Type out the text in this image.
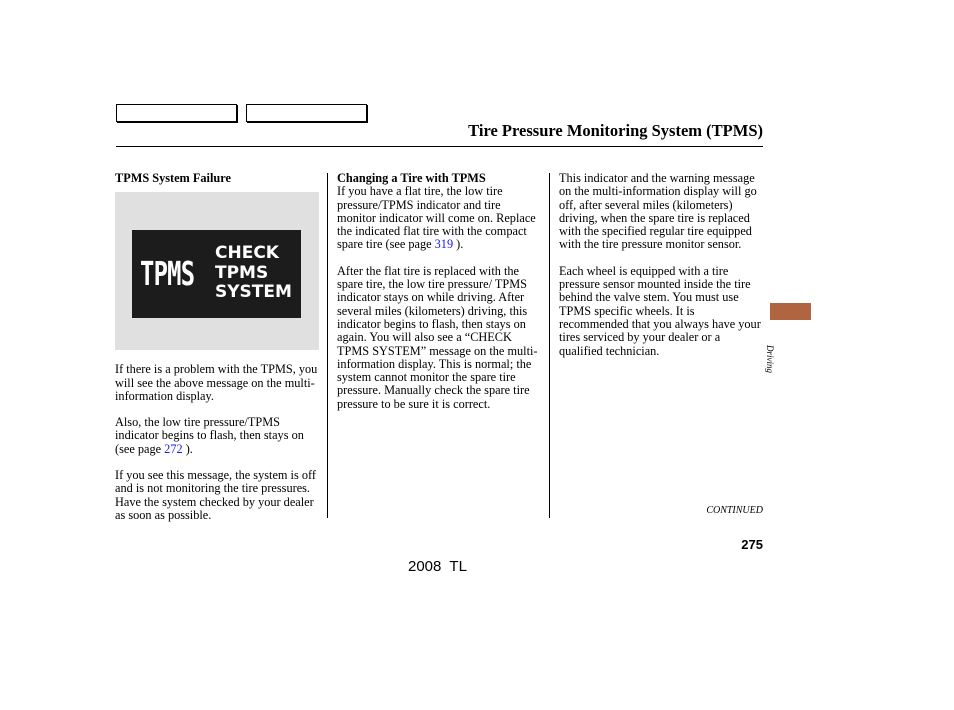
Tire Pressure Monitoring System (TPMS)
TPMS System Failure
TPMS
CHECK
TPMS
SYSTEM

If there is a problem with the TPMS, you will see the above message on the multi-information display.

Also, the low tire pressure/TPMS indicator begins to flash, then stays on (see page 272 ).

If you see this message, the system is off and is not monitoring the tire pressures. Have the system checked by your dealer as soon as possible.

Changing a Tire with TPMS

If you have a flat tire, the low tire pressure/TPMS indicator and tire monitor indicator will come on. Replace the indicated flat tire with the compact spare tire (see page 319 ).

After the flat tire is replaced with the spare tire, the low tire pressure/ TPMS indicator stays on while driving. After several miles (kilometers) driving, this indicator begins to flash, then stays on again. You will also see a “CHECK TPMS SYSTEM” message on the multi-information display. This is normal; the system cannot monitor the spare tire pressure. Manually check the spare tire pressure to be sure it is correct.

This indicator and the warning message on the multi-information display will go off, after several miles (kilometers) driving, when the spare tire is replaced with the specified regular tire equipped with the tire pressure monitor sensor.

Each wheel is equipped with a tire pressure sensor mounted inside the tire behind the valve stem. You must use TPMS specific wheels. It is recommended that you always have your tires serviced by your dealer or a qualified technician.	Driving
CONTINUED
275
2008  TL
